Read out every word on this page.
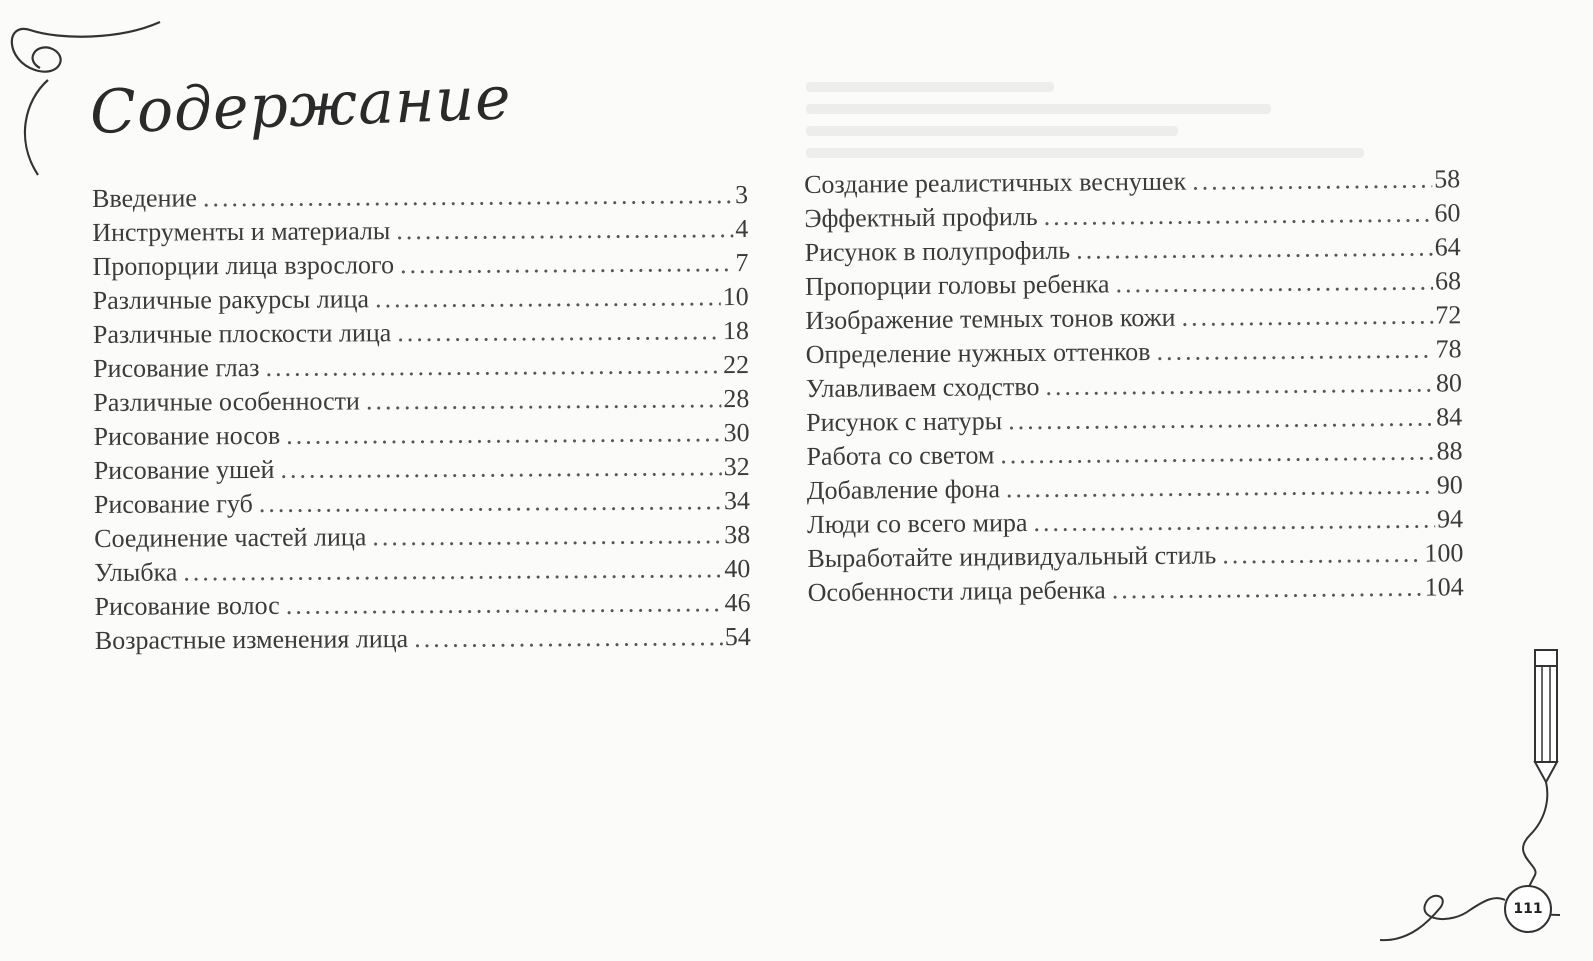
Содержание
Введение .....	3
Инструменты и материалы .....	4
Пропорции лица взрослого .....	7
Различные ракурсы лица .....	10
Различные плоскости лица .....	18
Рисование глаз .....	22
Различные особенности .....	28
Рисование носов .....	30
Рисование ушей .....	32
Рисование губ .....	34
Соединение частей лица .....	38
Улыбка .....	40
Рисование волос .....	46
Возрастные изменения лица .....	54
Создание реалистичных веснушек .....	58
Эффектный профиль .....	60
Рисунок в полупрофиль .....	64
Пропорции головы ребенка .....	68
Изображение темных тонов кожи .....	72
Определение нужных оттенков .....	78
Улавливаем сходство .....	80
Рисунок с натуры .....	84
Работа со светом .....	88
Добавление фона .....	90
Люди со всего мира .....	94
Выработайте индивидуальный стиль .....	100
Особенности лица ребенка .....	104
111
